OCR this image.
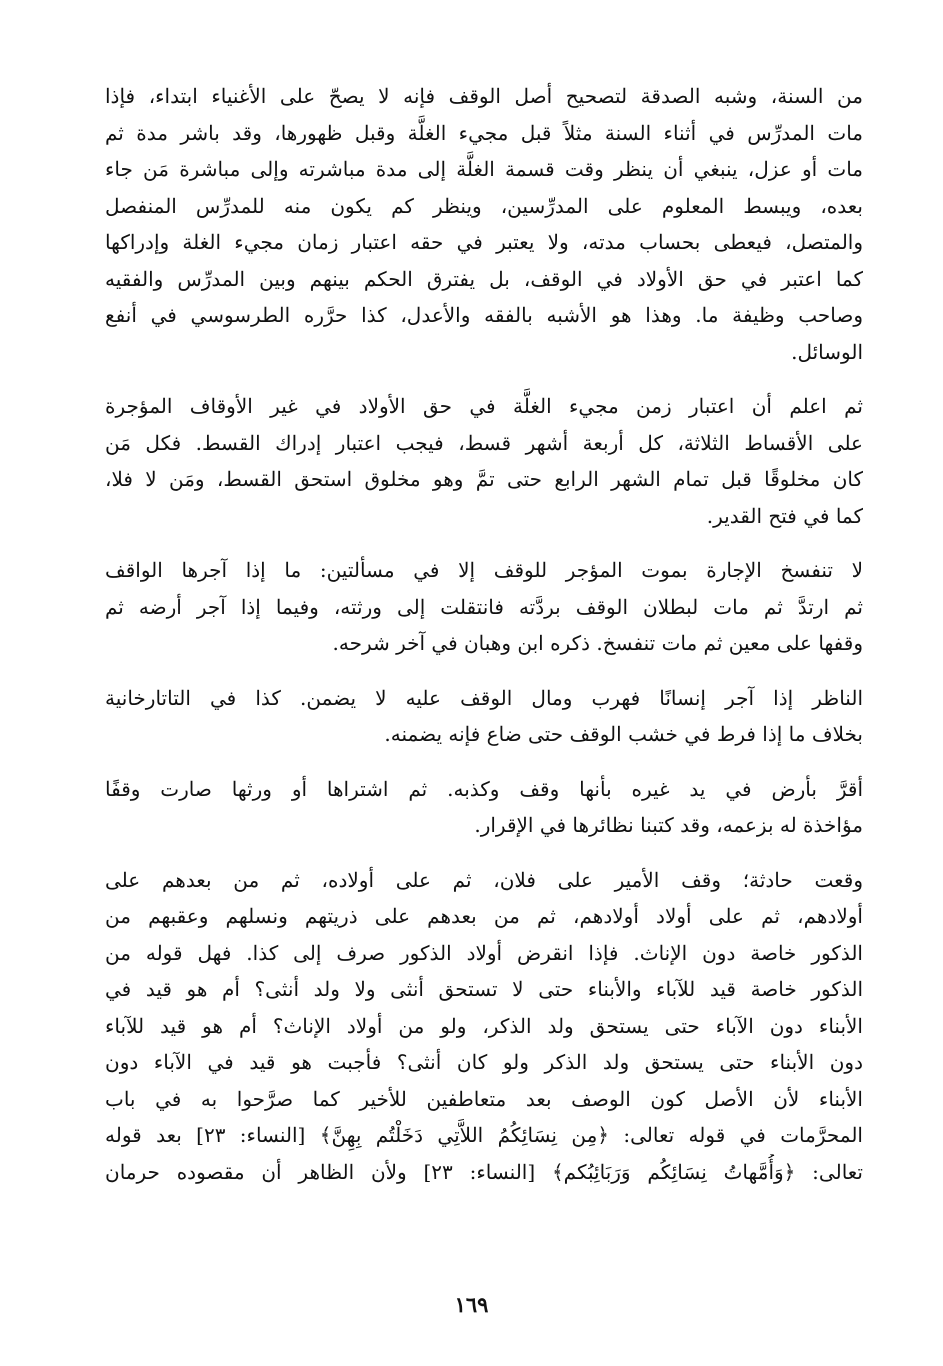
من السنة، وشبه الصدقة لتصحيح أصل الوقف فإنه لا يصحّ على الأغنياء ابتداء، فإذا
مات المدرِّس في أثناء السنة مثلاً قبل مجيء الغلَّة وقبل ظهورها، وقد باشر مدة ثم
مات أو عزل، ينبغي أن ينظر وقت قسمة الغلَّة إلى مدة مباشرته وإلى مباشرة مَن جاء
بعده، ويبسط المعلوم على المدرِّسين، وينظر كم يكون منه للمدرِّس المنفصل
والمتصل، فيعطى بحساب مدته، ولا يعتبر في حقه اعتبار زمان مجيء الغلة وإدراكها
كما اعتبر في حق الأولاد في الوقف، بل يفترق الحكم بينهم وبين المدرِّس والفقيه
وصاحب وظيفة ما. وهذا هو الأشبه بالفقه والأعدل، كذا حرَّره الطرسوسي في أنفع
الوسائل.
ثم اعلم أن اعتبار زمن مجيء الغلَّة في حق الأولاد في غير الأوقاف المؤجرة
على الأقساط الثلاثة، كل أربعة أشهر قسط، فيجب اعتبار إدراك القسط. فكل مَن
كان مخلوقًا قبل تمام الشهر الرابع حتى تمَّ وهو مخلوق استحق القسط، ومَن لا فلا،
كما في فتح القدير.
لا تنفسخ الإجارة بموت المؤجر للوقف إلا في مسألتين: ما إذا آجرها الواقف
ثم ارتدَّ ثم مات لبطلان الوقف بردَّته فانتقلت إلى ورثته، وفيما إذا آجر أرضه ثم
وقفها على معين ثم مات تنفسخ. ذكره ابن وهبان في آخر شرحه.
الناظر إذا آجر إنسانًا فهرب ومال الوقف عليه لا يضمن. كذا في التاتارخانية
بخلاف ما إذا فرط في خشب الوقف حتى ضاع فإنه يضمنه.
أقرَّ بأرض في يد غيره بأنها وقف وكذبه. ثم اشتراها أو ورثها صارت وقفًا
مؤاخذة له بزعمه، وقد كتبنا نظائرها في الإقرار.
وقعت حادثة؛ وقف الأمير على فلان، ثم على أولاده، ثم من بعدهم على
أولادهم، ثم على أولاد أولادهم، ثم من بعدهم على ذريتهم ونسلهم وعقبهم من
الذكور خاصة دون الإناث. فإذا انقرض أولاد الذكور صرف إلى كذا. فهل قوله من
الذكور خاصة قيد للآباء والأبناء حتى لا تستحق أنثى ولا ولد أنثى؟ أم هو قيد في
الأبناء دون الآباء حتى يستحق ولد الذكر، ولو من أولاد الإناث؟ أم هو قيد للآباء
دون الأبناء حتى يستحق ولد الذكر ولو كان أنثى؟ فأجبت هو قيد في الآباء دون
الأبناء لأن الأصل كون الوصف بعد متعاطفين للأخير كما صرَّحوا به في باب
المحرَّمات في قوله تعالى: ﴿مِن نِسَائِكُمُ اللاَّتِي دَخَلْتُم بِهِنَّ﴾ [النساء: ٢٣] بعد قوله
تعالى: ﴿وَأُمَّهاتُ نِسَائِكُم وَرَبَائِبُكم﴾ [النساء: ٢٣] ولأن الظاهر أن مقصوده حرمان
١٦٩
